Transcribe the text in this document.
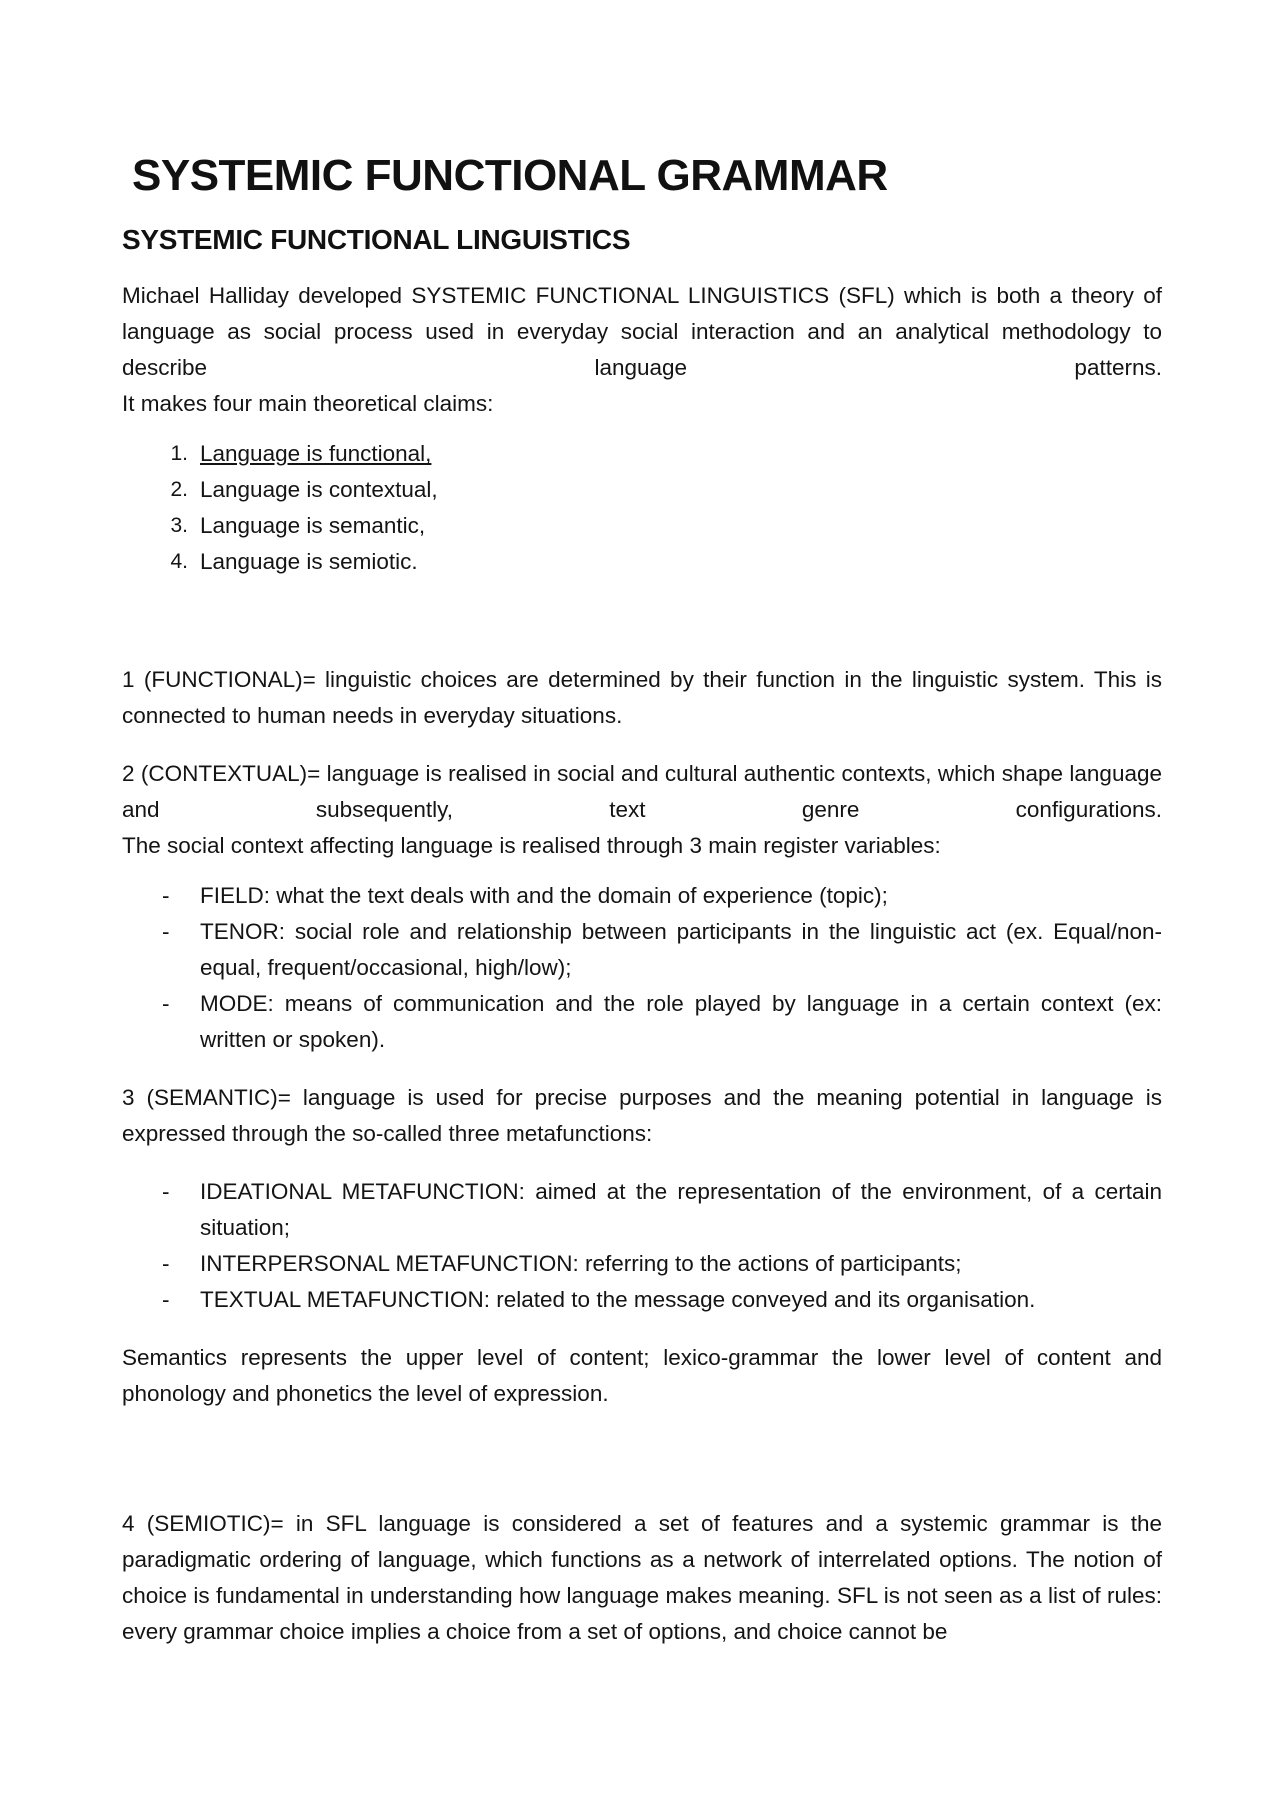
SYSTEMIC FUNCTIONAL GRAMMAR
SYSTEMIC FUNCTIONAL LINGUISTICS

Michael Halliday developed SYSTEMIC FUNCTIONAL LINGUISTICS (SFL) which is both a theory of language as social process used in everyday social interaction and an analytical methodology to describe language patterns.

It makes four main theoretical claims:

1. Language is functional,
2. Language is contextual,
3. Language is semantic,
4. Language is semiotic.

1 (FUNCTIONAL)= linguistic choices are determined by their function in the linguistic system. This is connected to human needs in everyday situations.

2 (CONTEXTUAL)= language is realised in social and cultural authentic contexts, which shape language and subsequently, text genre configurations.

The social context affecting language is realised through 3 main register variables:

- FIELD: what the text deals with and the domain of experience (topic);
- TENOR: social role and relationship between participants in the linguistic act (ex. Equal/non-equal, frequent/occasional, high/low);
- MODE: means of communication and the role played by language in a certain context (ex: written or spoken).

3 (SEMANTIC)= language is used for precise purposes and the meaning potential in language is expressed through the so-called three metafunctions:

- IDEATIONAL METAFUNCTION: aimed at the representation of the environment, of a certain situation;
- INTERPERSONAL METAFUNCTION: referring to the actions of participants;
- TEXTUAL METAFUNCTION: related to the message conveyed and its organisation.

Semantics represents the upper level of content; lexico-grammar the lower level of content and phonology and phonetics the level of expression.

4 (SEMIOTIC)= in SFL language is considered a set of features and a systemic grammar is the paradigmatic ordering of language, which functions as a network of interrelated options. The notion of choice is fundamental in understanding how language makes meaning. SFL is not seen as a list of rules: every grammar choice implies a choice from a set of options, and choice cannot be
